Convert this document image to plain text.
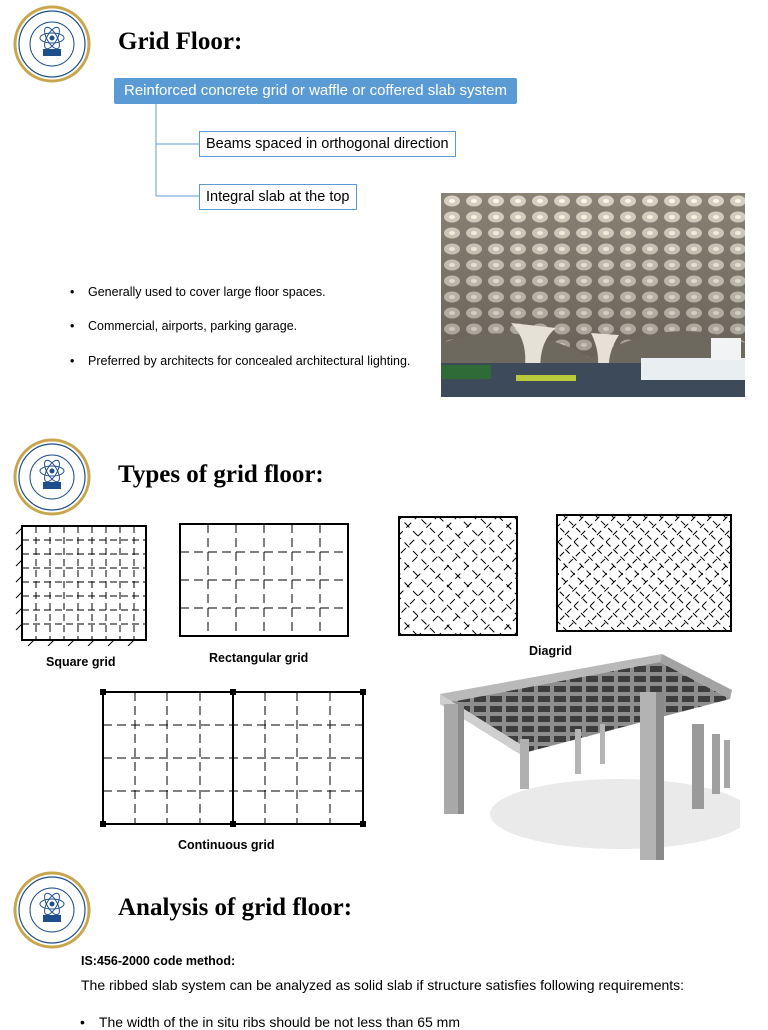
Grid Floor:
Reinforced concrete grid or waffle or coffered slab system
Beams spaced in orthogonal direction
Integral slab at the top
• Generally used to cover large floor spaces.
• Commercial, airports, parking garage.
• Preferred by architects for concealed architectural lighting.
Types of grid floor:
Square grid	Rectangular grid	Diagrid
Continuous grid
Analysis of grid floor:
IS:456-2000 code method:
The ribbed slab system can be analyzed as solid slab if structure satisfies following requirements:
• The width of the in situ ribs should be not less than 65 mm
